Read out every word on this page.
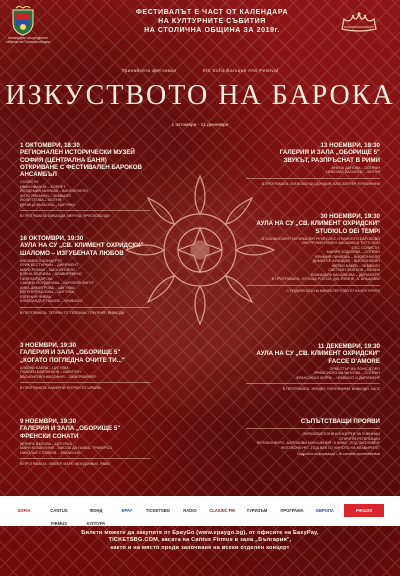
Календарът на културните събития на Столична община
ФЕСТИВАЛЪТ Е ЧАСТ ОТ КАЛЕНДАРА
НА КУЛТУРНИТЕ СЪБИТИЯ
НА СТОЛИЧНА ОБЩИНА ЗА 2019г.
Тринайсети фестивал	XIII Sofia Baroque Arts Festival
ИЗКУСТВОТО НА БАРОКА
1 октомври - 11 декември
1 ОКТОМВРИ, 18:30
РЕГИОНАЛЕН ИСТОРИЧЕСКИ МУЗЕЙ СОФИЯ (ЦЕНТРАЛНА БАНЯ)
ОТКРИВАНЕ С ФЕСТИВАЛЕН БАРОКОВ АНСАМБЪЛ
СОЛИСТИ:
ИВАН ИВАНОВ – КОРНЕТ
ЙОЗДЕМИЯ МИНКОВ – ВИОЛОНЧЕЛО
АНТО ЯЛКАНЕН – ЧЕМБАЛО
ЙОЛИ ГЕОВА – ЛЮТНЯ
ДЕНИЦА ВЪЛЬОВА – ЦИГУЛКА
В ПРОГРАМАТА: ВИВАЛДИ, МЕРУЛА, ФРЕСКОБАЛДИ
16 ОКТОМВРИ, 19:30
АУЛА НА СУ „СВ. КЛИМЕНТ ОХРИДСКИ"
ШАЛОМО – ИЗГУБЕНАТА ЛЮБОВ
АНСАМБЪЛ КОНЦЕРТО
ЕРИК БЕСТЪРКАН – ДИРИЖЕНТ
МАРИ РОМАН – ВИОЛОНЧЕЛО
ЕЛЕНА ВЪЛЧЕВА – КЛАВИРЕВЕНС
ГАЛЯ БЪРДАРСКА
САБИНА ЙОРДАНОВА – БАРОКОВ ФАГОТ
АНКА ДИМИТРОВА – ЦИГУЛКА
ЕВГЕНИЯ БАЛОВА – ЦИГУЛКА
ЕВГЕНИЯ ЯНЕВА
АЛЕКСАНДЪР ПАШОВ – ЧЕМБАЛО
В ПРОГРАМАТА: ТЕОРБИ ОТ ТЕЛЕМАН, ГРАУПНЕР, ВИВАЛДИ
3 НОЕМВРИ, 19:30
ГАЛЕРИЯ И ЗАЛА „ОБОРИЩЕ 5"
„КОГАТО ПОГЛЕДНА ОЧИТЕ ТИ..."
АЛБЕНА БАЕВА – ЦИГУЛКА
ПЛАМЕН БАЙЛАНКОВ – БАРИТОН
ВАСИЛИЯ ЙОНКАЗОНИЯ – ЗАМЕРВАЙНЕР
В ПРОГРАМАТА: КАМЕРНИ ТЕОРБИ ОТ ШРАЙМ
9 НОЕМВРИ, 19:30
ГАЛЕРИЯ И ЗАЛА „ОБОРИЩЕ 5"
ФРЕНСКИ СОНАТИ
ЗЕФИРА ВЪЛОВА – ЦИГУЛКА
МАРИ КОЗАНТИНИ – ВИОЛА ДА ГАМБА, ТРАВЕРСО
НИКОЛАЙ СТОЙКОВ – КЛАВЕСИН
В ПРОГРАМАТА: ЛЕКЛЕР, МАРЕ, МОНДОНВИЛ, РАМО
13 НОЕМВРИ, 19:30
ГАЛЕРИЯ И ЗАЛА „ОБОРИЩЕ 5"
ЗВУКЪТ, РАЗПРЪСНАТ В РИМИ
АНЕНА ДАНОВА – СОПРАН
НИКОЛАС ВАСИЛЕВ – ЛЮТНЯ
В ПРОГРАМАТА: ЗИГИСМОНДО Д'ИНДИЯ, КАПСБЕРГЕР, ФРИЧИНИНИ
30 НОЕМВРИ, 19:30
АУЛА НА СУ „СВ. КЛИМЕНТ ОХРИДСКИ"
STUDIOLO DEI TEMPI
ИТАЛИАНСКИЯТ МУЗИКАЛЕН РЕНЕСАНС И РАННОТО БАРОКОВО
ИНСТРУМЕНТАЛЕН АНСАМБЪЛ TUTTI SOLI
СЪС СОЛИСТИ:
МАРИЯ ЧЕДЕЛЕВА – СОПРАН
ЕФИМИЯ ЛИНКОВА – ВИОЛОНЧЕЛО
ДИМИТЪР АРАНДОВ – ВИОЛОНЧЕЛО
ЖЕЛКО БАКЕВ – ЧЕМБАЛО
СВЕТЛИН ЗЛАТКОВ – ВЪЛНА
БОЖИДАРА КАСАЛКОВА – ДИРИЖЕНТ
В ПРОГРАМАТА: ЛУЧОЦА РОССИ, ДЖ. ЙНОНЕ, А. АГАЦИЗКИ
С ПОДКРЕПАТА НА МИНИСТЕРСТВОТО НА КУЛТУРАТА
11 ДЕКЕМВРИ, 19:30
АУЛА НА СУ „СВ. КЛИМЕНТ ОХРИДСКИ"
FACCE D'AMORE
ОРКЕСТЪР НА ПОНС Д'ОРО
ФРАНСИСКО ВИЛАНУЕВА – СОПРАН
ФРАНСИСКО КЕРРА – ЧЕМБАЛО И ДИРИЖЕНТ
В ПРОГРАМАТА: ХЕНДЕЛ, БОНОНЧИНИ, ВИВАЛДИ, ХАСЕ
СЪПЪТСТВАЩИ ПРОЯВИ
ОБРАЗОВАТЕЛНИ КОНЦЕРТИ ЗА УЧЕНИЦИ
ОТКРИТИ РЕПЕТИЦИИ
ФОТОКОНКУРС „БАРОКОВИ ИЗКУШЕНИЯ" В КИНО „ПОД ОКОЛОВЕЗ"
ФОТОКОНКУРС „ПОД ВЕК ОТ КИНОТО НА КЛАВИРИТЕ"
Подробна информация – fb.com/baroqueartsfestival
SOFIA	CANTUS FIRMUS
ФОНД КУЛТУРА
EPAY	TICKETSBG	RADIO	CLASSIC FM	ТУРИЗЪМ	ПРОГРАМА	ЕВРОПА	PIRGOS
Билети можете да закупите от EpayGo (www.epaygo.bg), от офисите на EasyPay,
TICKETSBG.COM, касата на Cantus Firmus в зала „България",
както и на място преди започване на всеки отделен концерт
